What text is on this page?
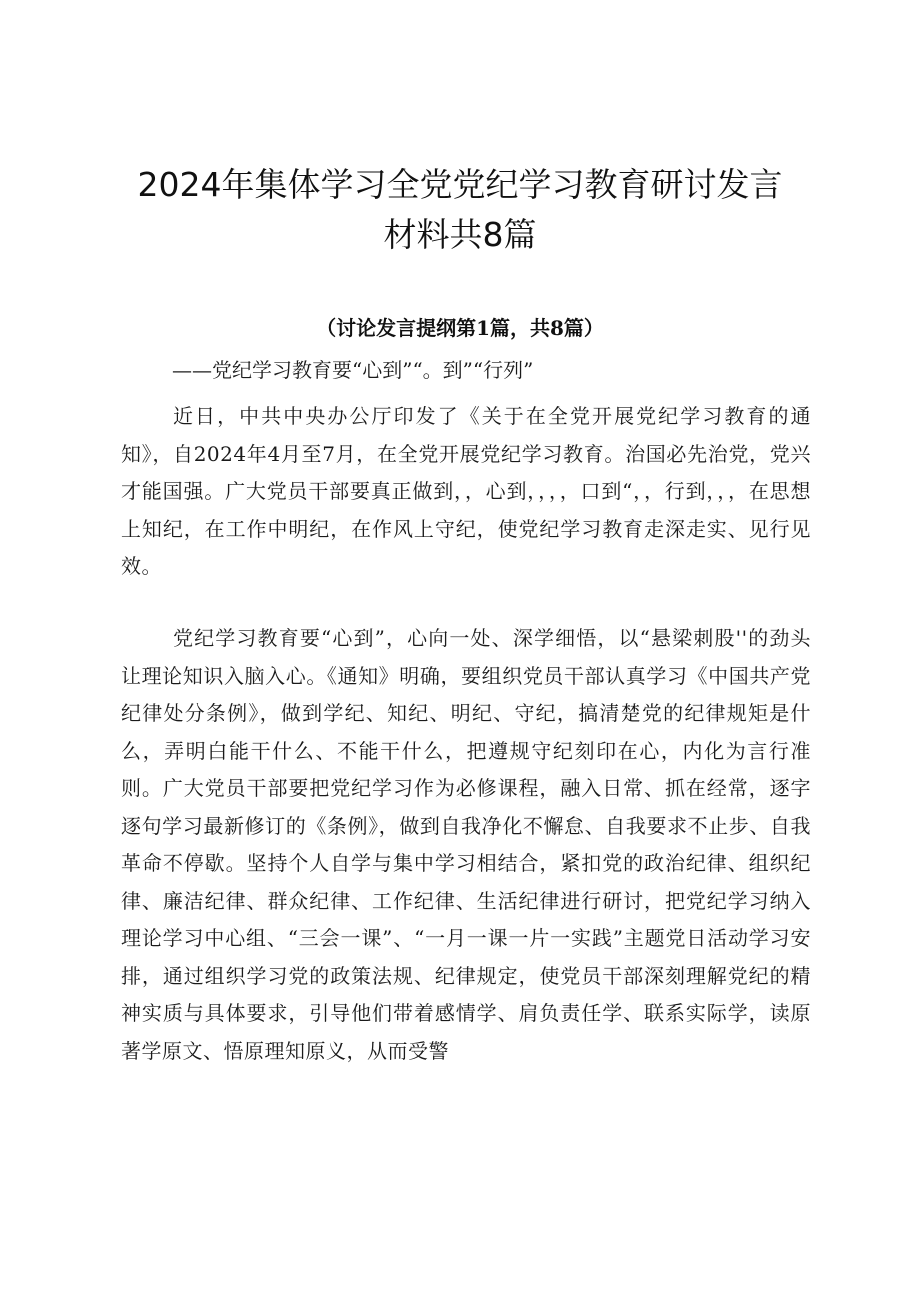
2024年集体学习全党党纪学习教育研讨发言
材料共8篇
（讨论发言提纲第1篇，共8篇）
——党纪学习教育要“心到”“。到”“行列”

近日，中共中央办公厅印发了《关于在全党开展党纪学习教育的通知》，自2024年4月至7月，在全党开展党纪学习教育。治国必先治党，党兴才能国强。广大党员干部要真正做到，，心到，，，，口到“，，行到，，，在思想上知纪，在工作中明纪，在作风上守纪，使党纪学习教育走深走实、见行见效。

党纪学习教育要“心到”，心向一处、深学细悟，以“悬梁刺股''的劲头让理论知识入脑入心。《通知》明确，要组织党员干部认真学习《中国共产党纪律处分条例》，做到学纪、知纪、明纪、守纪，搞清楚党的纪律规矩是什么，弄明白能干什么、不能干什么，把遵规守纪刻印在心，内化为言行准则。广大党员干部要把党纪学习作为必修课程，融入日常、抓在经常，逐字逐句学习最新修订的《条例》，做到自我净化不懈怠、自我要求不止步、自我革命不停歇。坚持个人自学与集中学习相结合，紧扣党的政治纪律、组织纪律、廉洁纪律、群众纪律、工作纪律、生活纪律进行研讨，把党纪学习纳入理论学习中心组、“三会一课”、“一月一课一片一实践”主题党日活动学习安排，通过组织学习党的政策法规、纪律规定，使党员干部深刻理解党纪的精神实质与具体要求，引导他们带着感情学、肩负责任学、联系实际学，读原著学原文、悟原理知原义，从而受警
